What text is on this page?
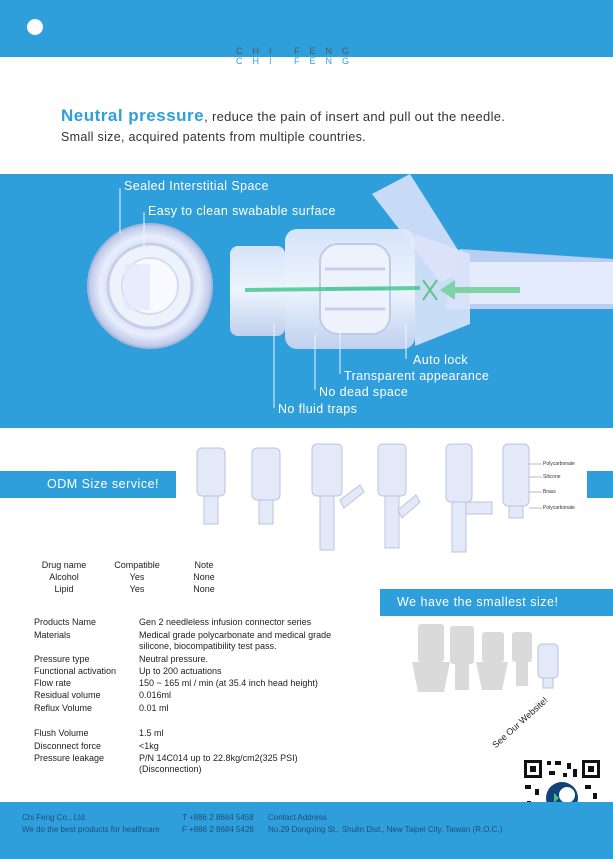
CHI FENG
CHI FENG
Neutral pressure, reduce the pain of insert and pull out the needle.
Small size, acquired patents from multiple countries.
Sealed Interstitial Space
Easy to clean swabable surface
Auto lock
Transparent appearance
No dead space
No fluid traps
ODM Size service!
Polycarbonate
Silicone
Brass
Polycarbonate
Drug name	Compatible	Note
Alcohol	Yes	None
Lipid	Yes	None
We have the smallest size!
Products Name	Gen 2 needleless infusion connector series
Materials	Medical grade polycarbonate and medical grade silicone, biocompatibility test pass.
Pressure type	Neutral pressure.
Functional activation	Up to 200 actuations
Flow rate	150 ~ 165 ml / min (at 35.4 inch head height)
Residual volume	0.016ml
Reflux Volume	0.01 ml
Flush Volume	1.5 ml
Disconnect force	<1kg
Pressure leakage	P/N 14C014 up to 22.8kg/cm2(325 PSI) (Disconnection)
See Our Website!
Chi Feng Co., Ltd.
We do the best products for healthcare
T +886 2 8684 5458
F +886 2 8684 5428
Contact Address
No.29 Dongxing St., Shulin Dist., New Taipei City, Taiwan (R.O.C.)
